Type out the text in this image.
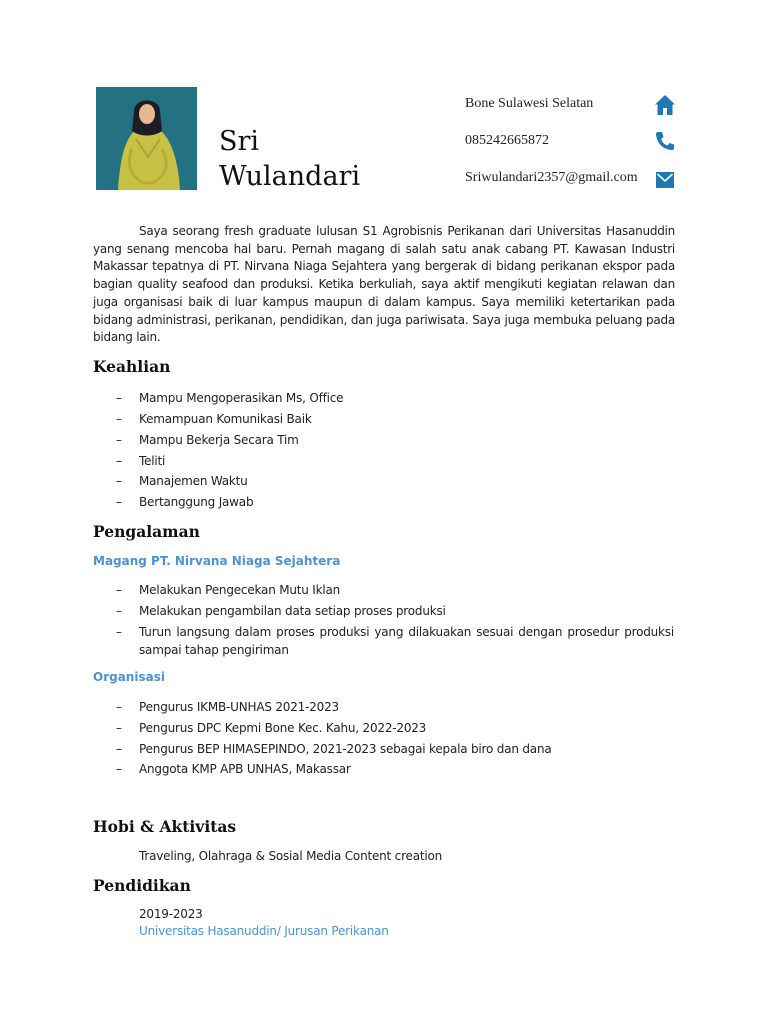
Sri
Wulandari
Bone Sulawesi Selatan
085242665872
Sriwulandari2357@gmail.com

Saya seorang fresh graduate lulusan S1 Agrobisnis Perikanan dari Universitas Hasanuddin yang senang mencoba hal baru. Pernah magang di salah satu anak cabang PT. Kawasan Industri Makassar tepatnya di PT. Nirvana Niaga Sejahtera yang bergerak di bidang perikanan ekspor pada bagian quality seafood dan produksi. Ketika berkuliah, saya aktif mengikuti kegiatan relawan dan juga organisasi baik di luar kampus maupun di dalam kampus. Saya memiliki ketertarikan pada bidang administrasi, perikanan, pendidikan, dan juga pariwisata. Saya juga membuka peluang pada bidang lain.

Keahlian
– Mampu Mengoperasikan Ms, Office
– Kemampuan Komunikasi Baik
– Mampu Bekerja Secara Tim
– Teliti
– Manajemen Waktu
– Bertanggung Jawab
Pengalaman
Magang PT. Nirvana Niaga Sejahtera
– Melakukan Pengecekan Mutu Iklan
– Melakukan pengambilan data setiap proses produksi
– Turun langsung dalam proses produksi yang dilakuakan sesuai dengan prosedur produksi sampai tahap pengiriman
Organisasi
– Pengurus IKMB-UNHAS 2021-2023
– Pengurus DPC Kepmi Bone Kec. Kahu, 2022-2023
– Pengurus BEP HIMASEPINDO, 2021-2023 sebagai kepala biro dan dana
– Anggota KMP APB UNHAS, Makassar
Hobi & Aktivitas
Traveling, Olahraga & Sosial Media Content creation
Pendidikan
2019-2023
Universitas Hasanuddin/ Jurusan Perikanan
